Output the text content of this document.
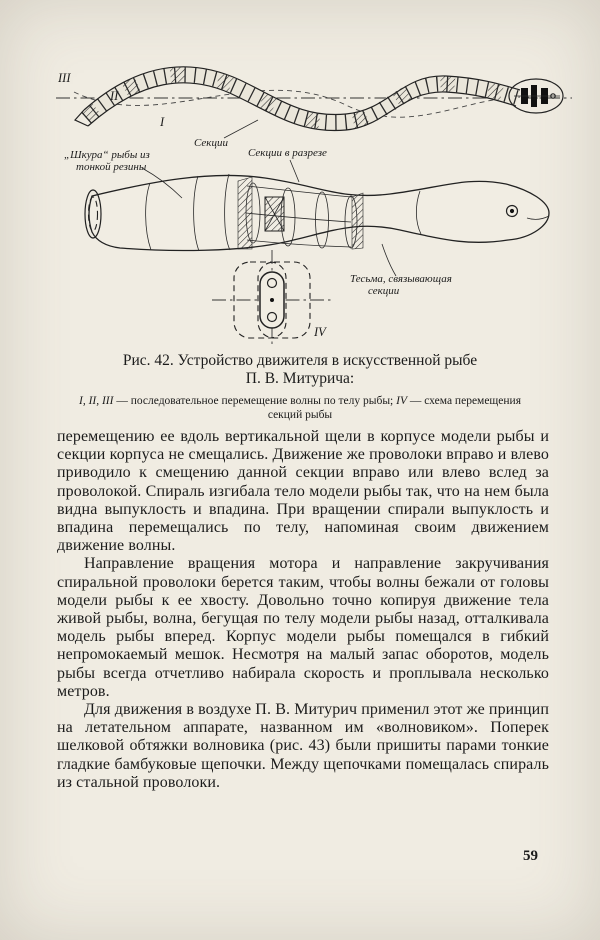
III
II
I
Секции
„Шкура“ рыбы из
тонкой резины
Секции в разрезе
Тесьма, связывающая
секции
IV
Рис. 42. Устройство движителя в искусственной рыбе
П. В. Митурича:
I, II, III — последовательное перемещение волны по телу рыбы; IV — схема перемещения секций рыбы

перемещению ее вдоль вертикальной щели в корпусе модели рыбы и секции корпуса не смещались. Движение же проволоки вправо и влево приводило к смещению данной секции вправо или влево вслед за проволокой. Спираль изгибала тело модели рыбы так, что на нем была видна выпуклость и впадина. При вращении спирали выпуклость и впадина перемещались по телу, напоминая своим движением движение волны.

Направление вращения мотора и направление закручивания спиральной проволоки берется таким, чтобы волны бежали от головы модели рыбы к ее хвосту. Довольно точно копируя движение тела живой рыбы, волна, бегущая по телу модели рыбы назад, отталкивала модель рыбы вперед. Корпус модели рыбы помещался в гибкий непромокаемый мешок. Несмотря на малый запас оборотов, модель рыбы всегда отчетливо набирала скорость и проплывала несколько метров.

Для движения в воздухе П. В. Митурич применил этот же принцип на летательном аппарате, названном им «волновиком». Поперек шелковой обтяжки волновика (рис. 43) были пришиты парами тонкие гладкие бамбуковые щепочки. Между щепочками помещалась спираль из стальной проволоки.

59
